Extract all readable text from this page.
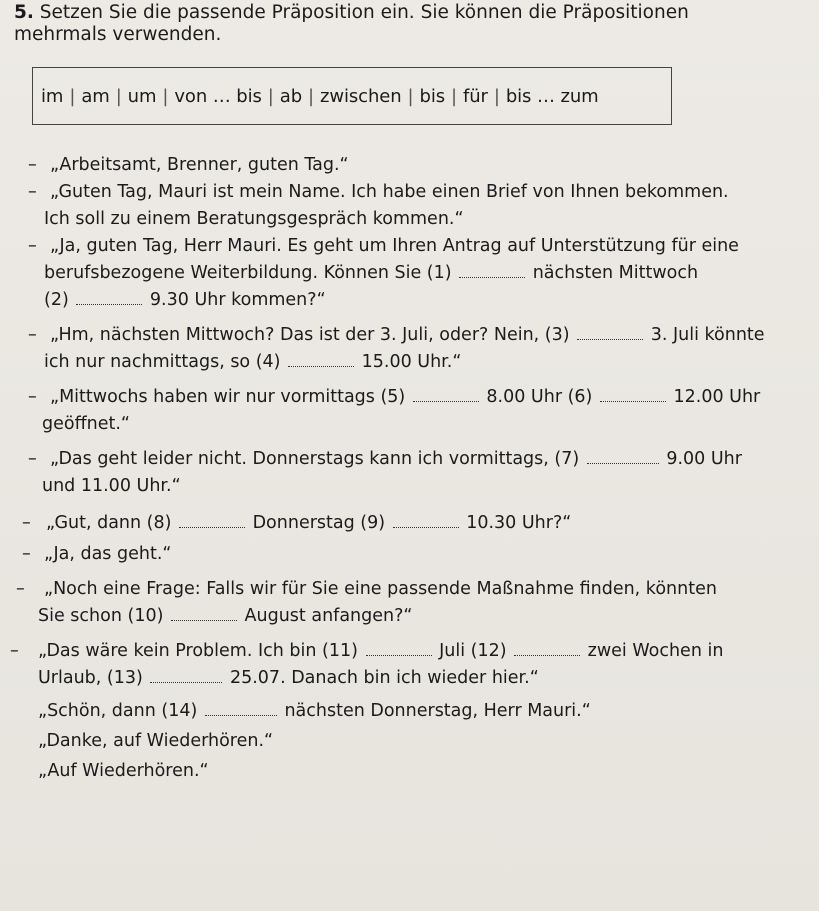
5. Setzen Sie die passende Präposition ein. Sie können die Präpositionen
mehrmals verwenden.
im | am | um | von … bis | ab | zwischen | bis | für | bis … zum
– „Arbeitsamt, Brenner, guten Tag.“
– „Guten Tag, Mauri ist mein Name. Ich habe einen Brief von Ihnen bekommen.
Ich soll zu einem Beratungsgespräch kommen.“
– „Ja, guten Tag, Herr Mauri. Es geht um Ihren Antrag auf Unterstützung für eine
berufsbezogene Weiterbildung. Können Sie (1)	nächsten Mittwoch
(2)	9.30 Uhr kommen?“
– „Hm, nächsten Mittwoch? Das ist der 3. Juli, oder? Nein, (3)	3. Juli könnte
ich nur nachmittags, so (4)	15.00 Uhr.“
– „Mittwochs haben wir nur vormittags (5)	8.00 Uhr (6)	12.00 Uhr
geöffnet.“
– „Das geht leider nicht. Donnerstags kann ich vormittags, (7)	9.00 Uhr
und 11.00 Uhr.“
– „Gut, dann (8)	Donnerstag (9)	10.30 Uhr?“
– „Ja, das geht.“
– „Noch eine Frage: Falls wir für Sie eine passende Maßnahme finden, könnten
Sie schon (10)	August anfangen?“
– „Das wäre kein Problem. Ich bin (11)	Juli (12)	zwei Wochen in
Urlaub, (13)	25.07. Danach bin ich wieder hier.“
„Schön, dann (14)	nächsten Donnerstag, Herr Mauri.“
„Danke, auf Wiederhören.“
„Auf Wiederhören.“
